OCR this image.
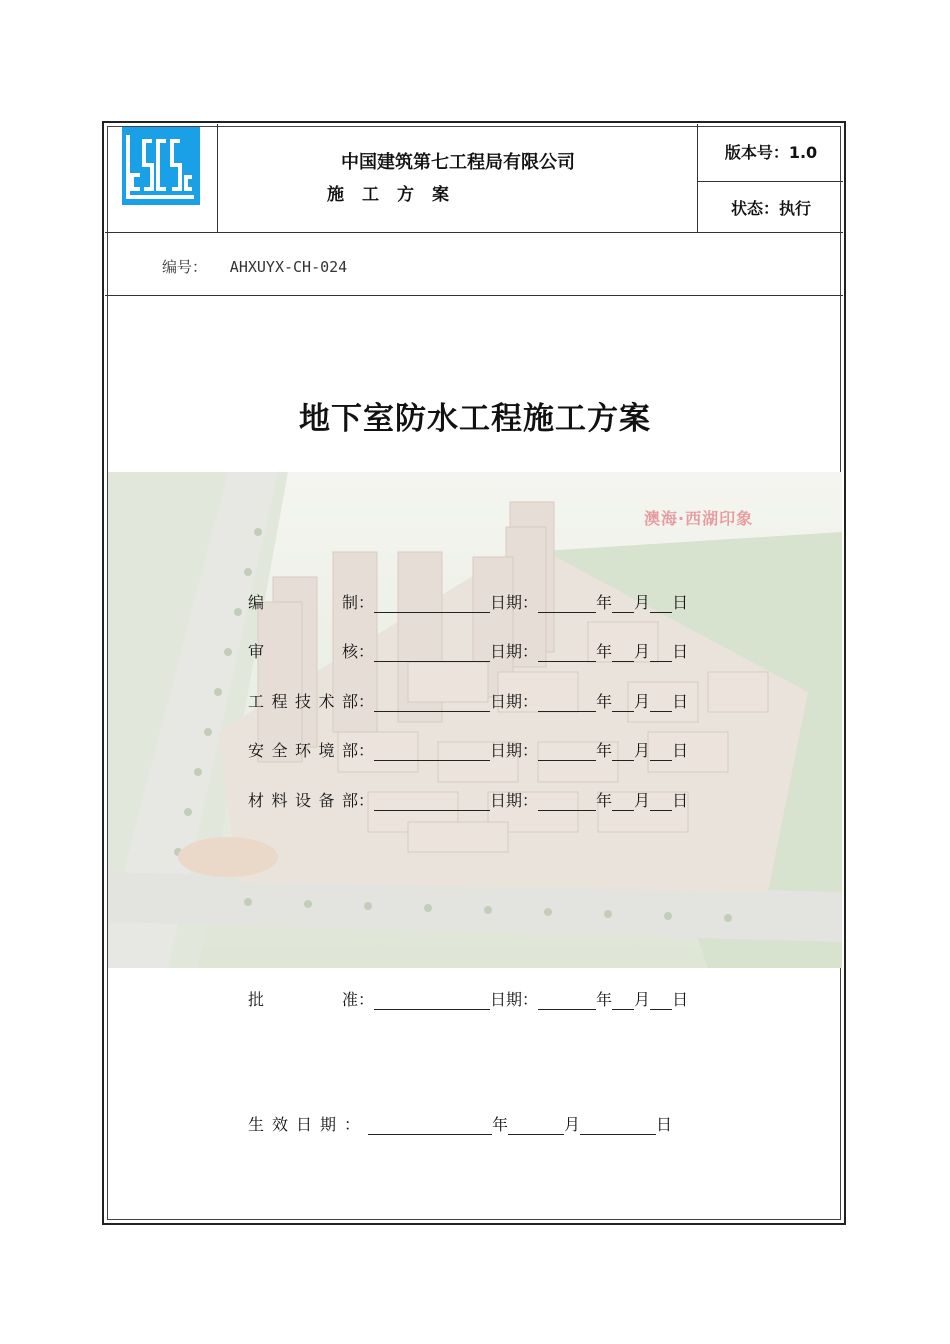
中国建筑第七工程局有限公司
施工方案
版本号：1.0
状态：执行
编号： AHXUYX-CH-024
地下室防水工程施工方案
澳海·西湖印象
编制：	日期：	年 月 日
审核：	日期：	年 月 日
工程技术部：	日期：	年 月 日
安全环境部：	日期：	年 月 日
材料设备部：	日期：	年 月 日
批准：	日期：	年 月 日
生效日期：	年	月	日
